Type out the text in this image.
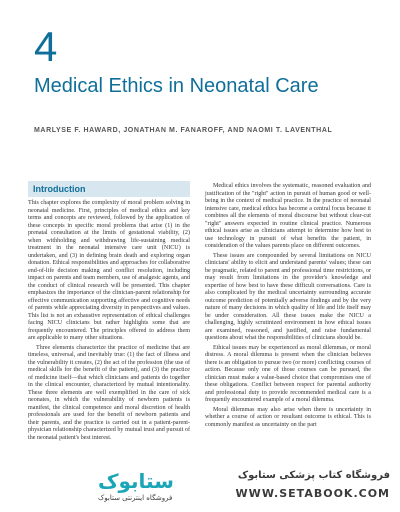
4
Medical Ethics in Neonatal Care
MARLYSE F. HAWARD, JONATHAN M. FANAROFF, AND NAOMI T. LAVENTHAL
Introduction

This chapter explores the complexity of moral problem solving in neonatal medicine. First, principles of medical ethics and key terms and concepts are reviewed, followed by the application of these concepts in specific moral problems that arise (1) in the prenatal consultation at the limits of gestational viability, (2) when withholding and withdrawing life-sustaining medical treatment in the neonatal intensive care unit (NICU) is undertaken, and (3) in defining brain death and exploring organ donation. Ethical responsibilities and approaches for collaborative end-of-life decision making and conflict resolution, including impact on parents and team members, use of analgesic agents, and the conduct of clinical research will be presented. This chapter emphasizes the importance of the clinician-parent relationship for effective communication supporting affective and cognitive needs of parents while appreciating diversity in perspectives and values. This list is not an exhaustive representation of ethical challenges facing NICU clinicians but rather highlights some that are frequently encountered. The principles offered to address them are applicable to many other situations.

Three elements characterize the practice of medicine that are timeless, universal, and inevitably true: (1) the fact of illness and the vulnerability it creates, (2) the act of the profession (the use of medical skills for the benefit of the patient), and (3) the practice of medicine itself—that which clinicians and patients do together in the clinical encounter, characterized by mutual intentionality. These three elements are well exemplified in the care of sick neonates, in which the vulnerability of newborn patients is manifest, the clinical competence and moral discretion of health professionals are used for the benefit of newborn patients and their parents, and the practice is carried out in a patient-parent-physician relationship characterized by mutual trust and pursuit of the neonatal patient's best interest.

Medical ethics involves the systematic, reasoned evaluation and justification of the "right" action in pursuit of human good or well-being in the context of medical practice. In the practice of neonatal intensive care, medical ethics has become a central focus because it combines all the elements of moral discourse but without clear-cut "right" answers expected in routine clinical practice. Numerous ethical issues arise as clinicians attempt to determine how best to use technology in pursuit of what benefits the patient, in consideration of the values parents place on different outcomes.

These issues are compounded by several limitations on NICU clinicians' ability to elicit and understand parents' values; these can be pragmatic, related to parent and professional time restrictions, or may result from limitations in the provider's knowledge and expertise of how best to have these difficult conversations. Care is also complicated by the medical uncertainty surrounding accurate outcome prediction of potentially adverse findings and by the very nature of many decisions in which quality of life and life itself may be under consideration. All these issues make the NICU a challenging, highly scrutinized environment in how ethical issues are examined, reasoned, and justified, and raise fundamental questions about what the responsibilities of clinicians should be.

Ethical issues may be experienced as moral dilemmas, or moral distress. A moral dilemma is present when the clinician believes there is an obligation to pursue two (or more) conflicting courses of action. Because only one of those courses can be pursued, the clinician must make a value-based choice that compromises one of these obligations. Conflict between respect for parental authority and professional duty to provide recommended medical care is a frequently encountered example of a moral dilemma.

Moral dilemmas may also arise when there is uncertainty in whether a course of action or resultant outcome is ethical. This is commonly manifest as uncertainty on the part

ستابوک
فروشگاه اینترنتی ستابوک
فروشگاه کتاب پزشکی ستابوک
WWW.SETABOOK.COM
